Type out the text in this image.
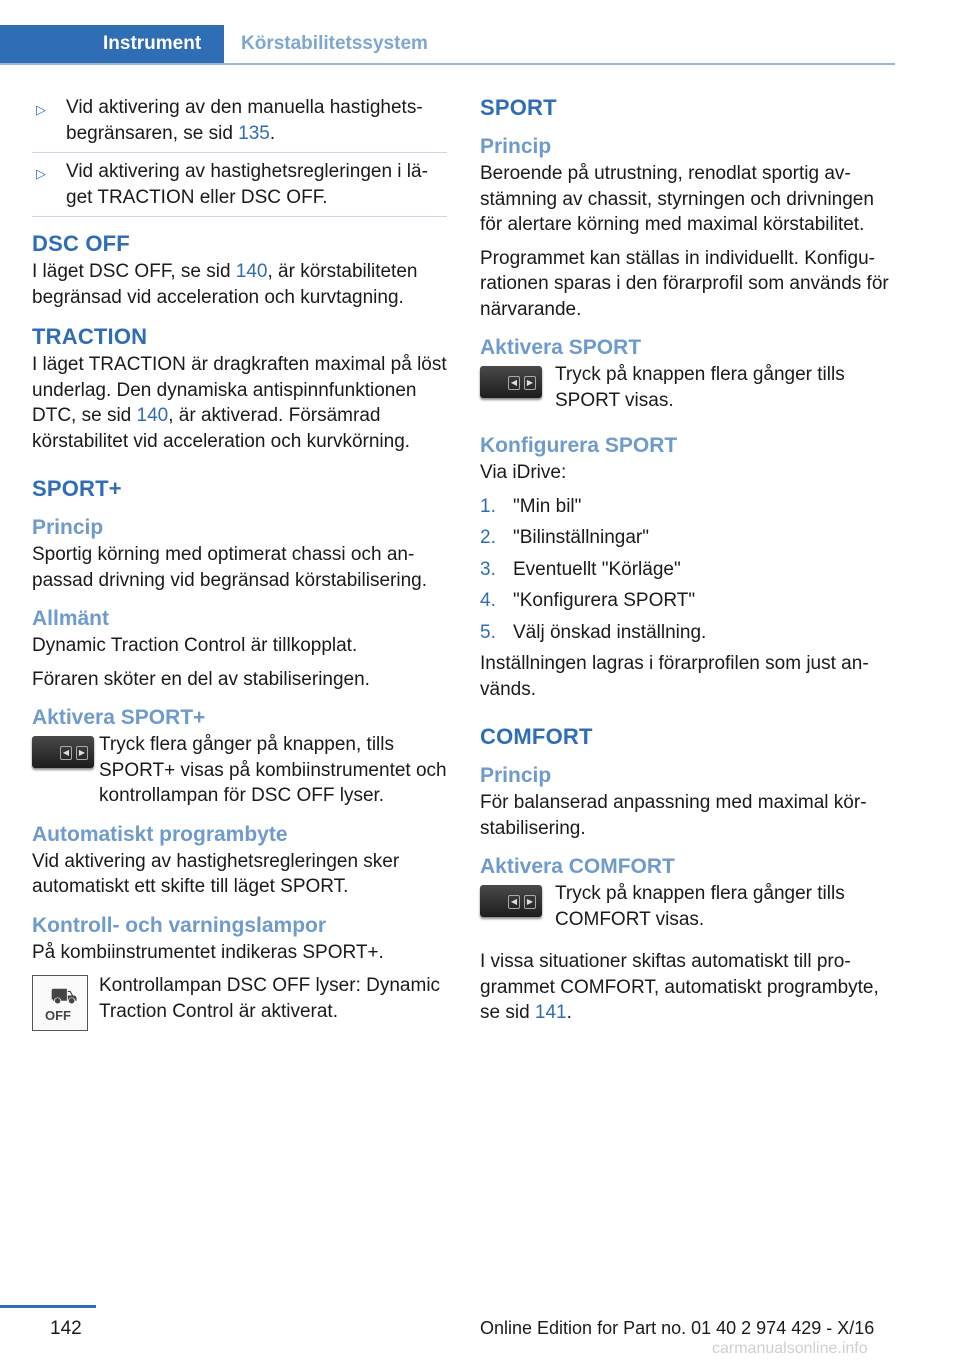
Instrument Körstabilitetssystem

▷ Vid aktivering av den manuella hastighetsbegränsaren, se sid 135.

▷ Vid aktivering av hastighetsregleringen i läget TRACTION eller DSC OFF.

DSC OFF

I läget DSC OFF, se sid 140, är körstabiliteten begränsad vid acceleration och kurvtagning.

TRACTION

I läget TRACTION är dragkraften maximal på löst underlag. Den dynamiska antispinnfunktionen DTC, se sid 140, är aktiverad. Försämrad körstabilitet vid acceleration och kurvkörning.

SPORT+
Princip

Sportig körning med optimerat chassi och anpassad drivning vid begränsad körstabilisering.

Allmänt

Dynamic Traction Control är tillkopplat.

Föraren sköter en del av stabiliseringen.

Aktivera SPORT+
◀	▶ Tryck flera gånger på knappen, tills SPORT+ visas på kombiinstrumentet och kontrollampan för DSC OFF lyser.

Automatiskt programbyte

Vid aktivering av hastighetsregleringen sker automatiskt ett skifte till läget SPORT.

Kontroll- och varningslampor

På kombiinstrumentet indikeras SPORT+.

⛟
OFF

Kontrollampan DSC OFF lyser: Dynamic Traction Control är aktiverat.

SPORT
Princip

Beroende på utrustning, renodlat sportig avstämning av chassit, styrningen och drivningen för alertare körning med maximal körstabilitet.

Programmet kan ställas in individuellt. Konfigurationen sparas i den förarprofil som används för närvarande.

Aktivera SPORT
◀	▶	Tryck på knappen flera gånger tills SPORT visas.

Konfigurera SPORT

Via iDrive:

1. "Min bil"

2. "Bilinställningar"

3. Eventuellt "Körläge"

4. "Konfigurera SPORT"

5. Välj önskad inställning.

Inställningen lagras i förarprofilen som just används.

COMFORT
Princip

För balanserad anpassning med maximal körstabilisering.

Aktivera COMFORT
◀	▶	Tryck på knappen flera gånger tills COMFORT visas.

I vissa situationer skiftas automatiskt till programmet COMFORT, automatiskt programbyte, se sid 141.

142	Online Edition for Part no. 01 40 2 974 429 - X/16
carmanualsonline.info
